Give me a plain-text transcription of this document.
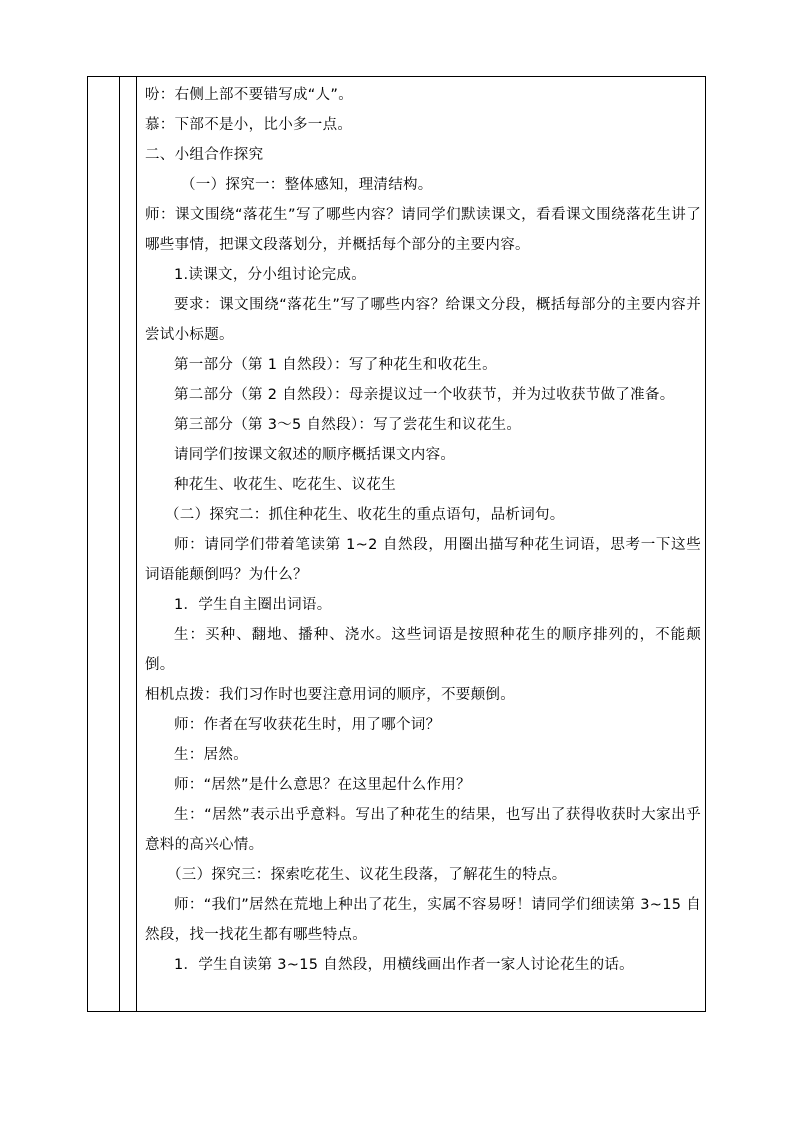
吩：右侧上部不要错写成“人”。

慕：下部不是小，比小多一点。

二、小组合作探究

（一）探究一：整体感知，理清结构。

师：课文围绕“落花生”写了哪些内容？请同学们默读课文，看看课文围绕落花生讲了哪些事情，把课文段落划分，并概括每个部分的主要内容。

1.读课文，分小组讨论完成。

要求：课文围绕“落花生”写了哪些内容？给课文分段，概括每部分的主要内容并尝试小标题。

第一部分（第 1 自然段）：写了种花生和收花生。

第二部分（第 2 自然段）：母亲提议过一个收获节，并为过收获节做了准备。

第三部分（第 3～5 自然段）：写了尝花生和议花生。

请同学们按课文叙述的顺序概括课文内容。

种花生、收花生、吃花生、议花生

（二）探究二：抓住种花生、收花生的重点语句，品析词句。

师：请同学们带着笔读第 1~2 自然段，用圈出描写种花生词语，思考一下这些词语能颠倒吗？为什么？

1．学生自主圈出词语。

生：买种、翻地、播种、浇水。这些词语是按照种花生的顺序排列的，不能颠倒。

相机点拨：我们习作时也要注意用词的顺序，不要颠倒。

师：作者在写收获花生时，用了哪个词？

生：居然。

师：“居然”是什么意思？在这里起什么作用？

生：“居然”表示出乎意料。写出了种花生的结果，也写出了获得收获时大家出乎意料的高兴心情。

（三）探究三：探索吃花生、议花生段落，了解花生的特点。

师：“我们”居然在荒地上种出了花生，实属不容易呀！请同学们细读第 3~15 自然段，找一找花生都有哪些特点。

1．学生自读第 3~15 自然段，用横线画出作者一家人讨论花生的话。
